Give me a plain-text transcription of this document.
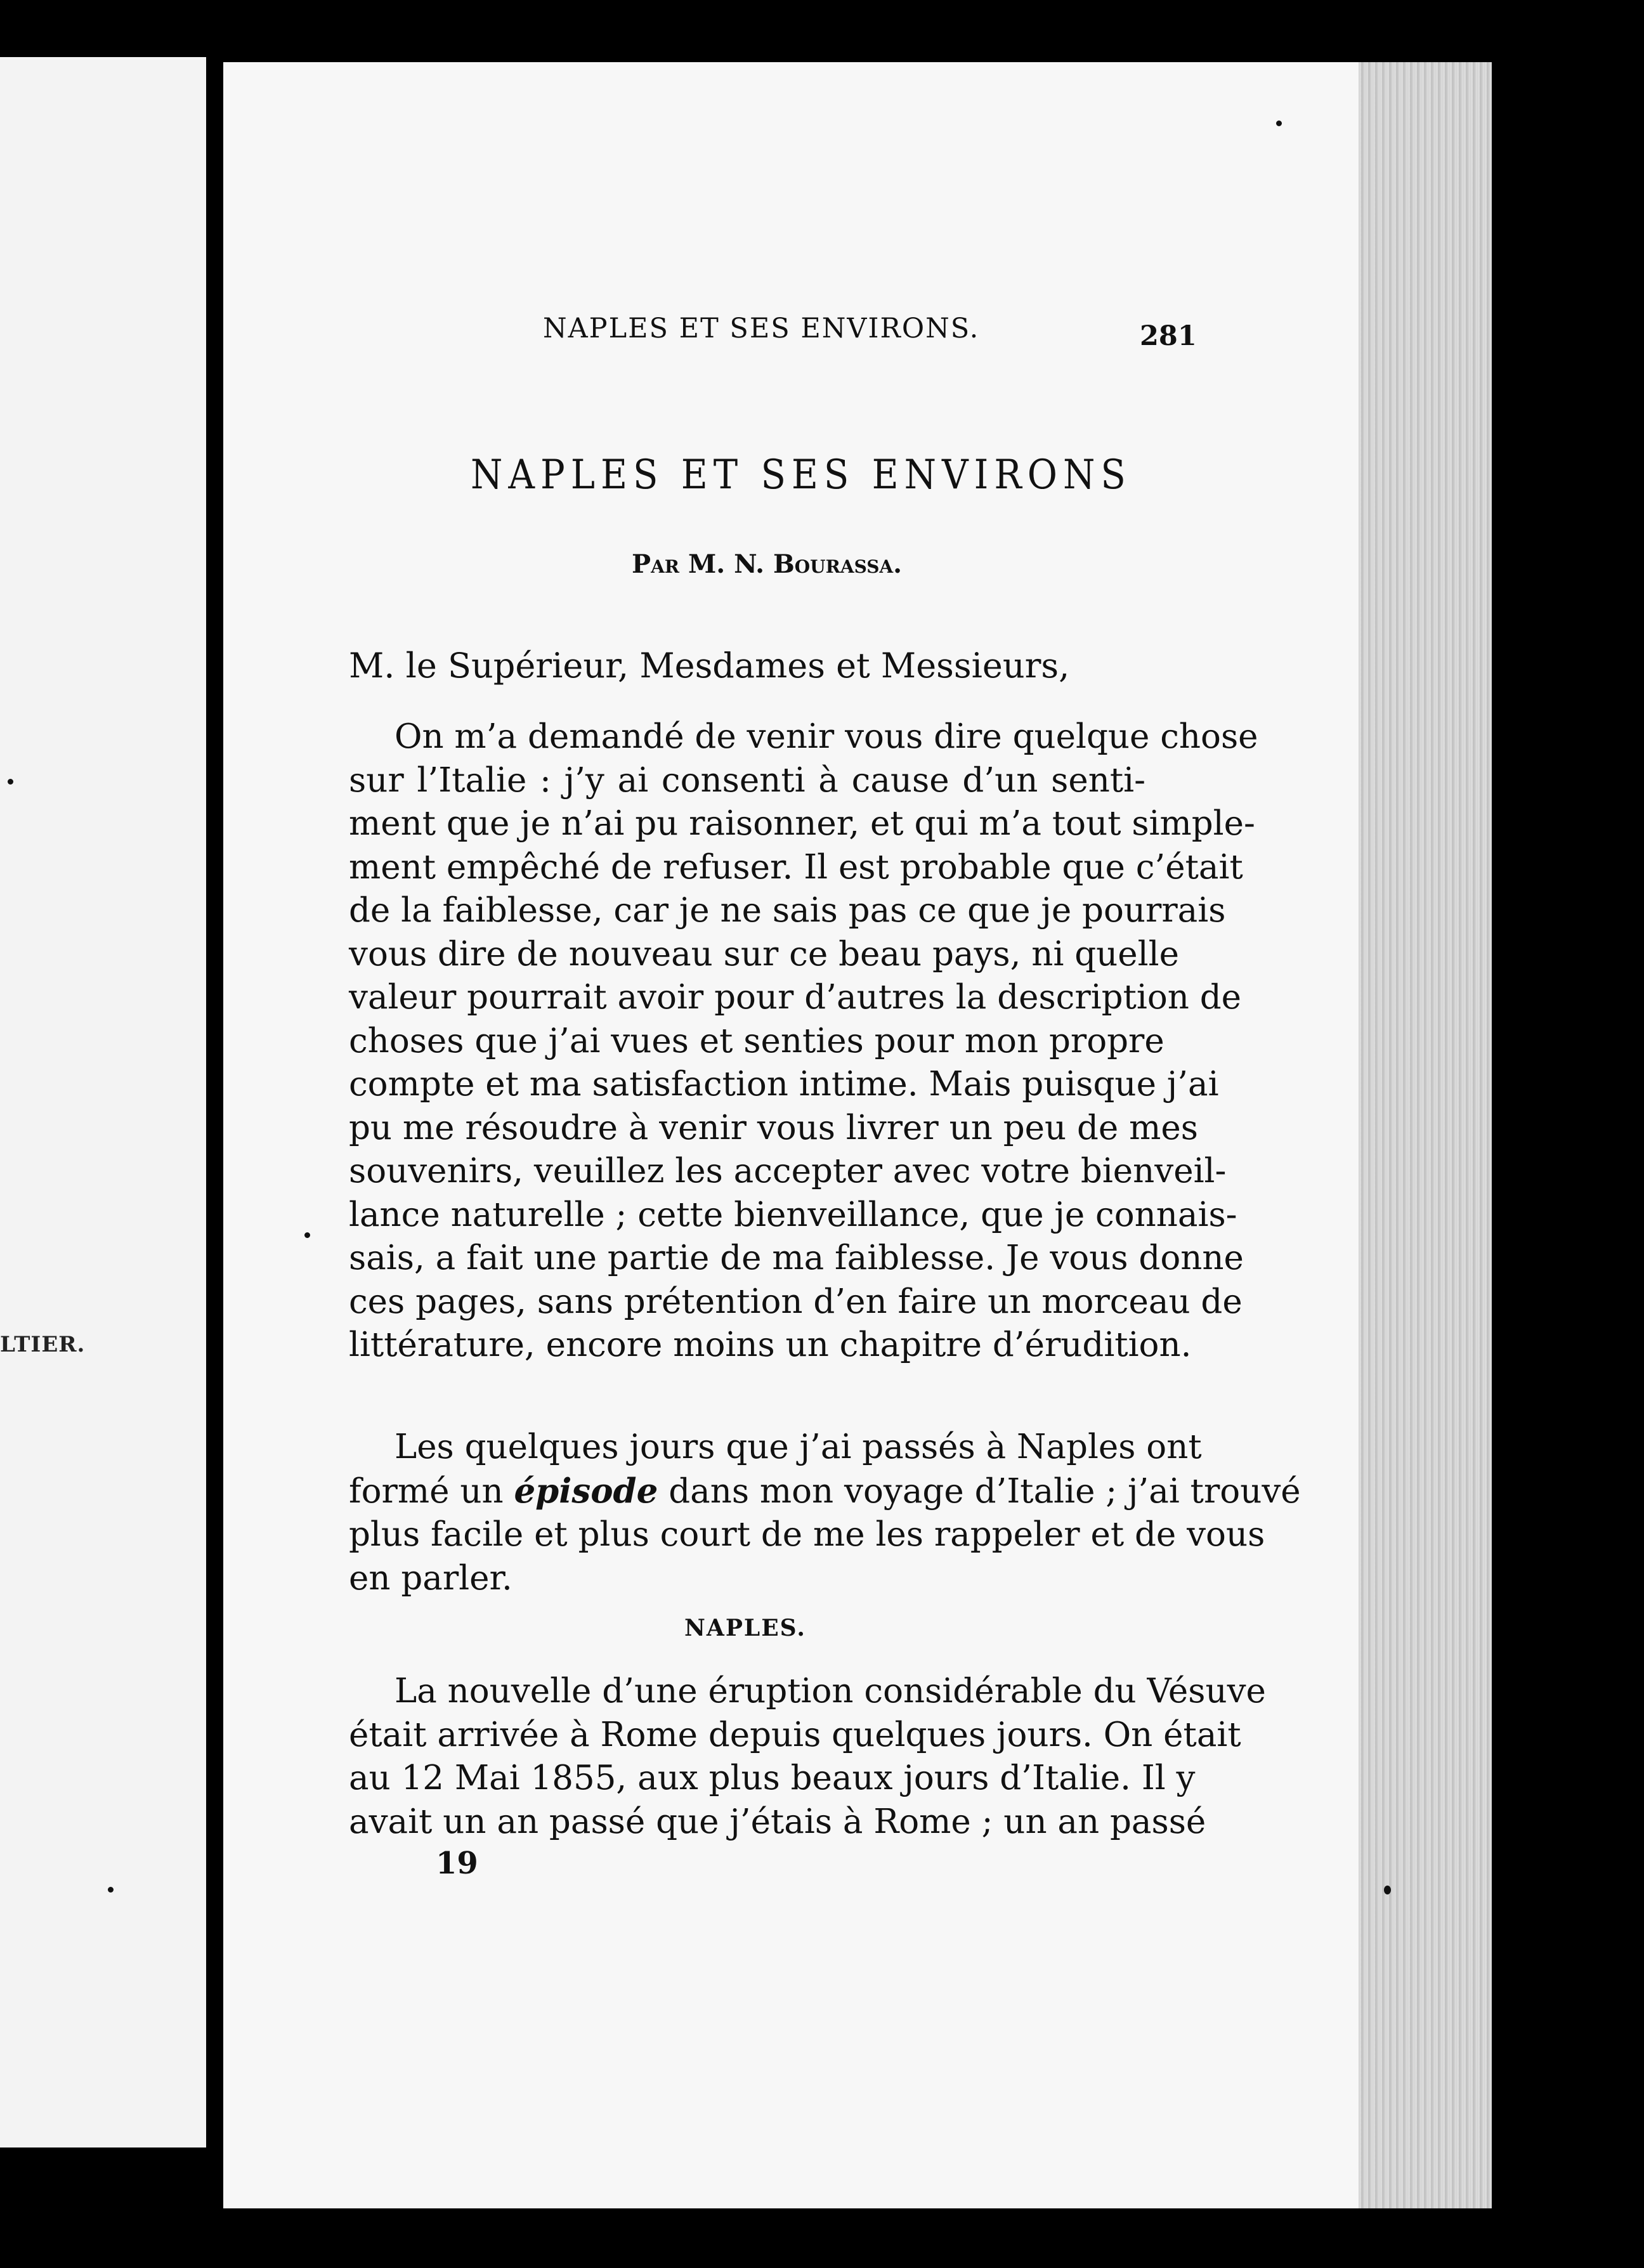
LTIER.
NAPLES ET SES ENVIRONS.	281
NAPLES ET SES ENVIRONS
Par M. N. Bourassa.
M. le Supérieur, Mesdames et Messieurs,
On m’a demandé de venir vous dire quelque chose
sur l’Italie : j’y ai consenti à cause d’un senti-
ment que je n’ai pu raisonner, et qui m’a tout simple-
ment empêché de refuser. Il est probable que c’était
de la faiblesse, car je ne sais pas ce que je pourrais
vous dire de nouveau sur ce beau pays, ni quelle
valeur pourrait avoir pour d’autres la description de
choses que j’ai vues et senties pour mon propre
compte et ma satisfaction intime. Mais puisque j’ai
pu me résoudre à venir vous livrer un peu de mes
souvenirs, veuillez les accepter avec votre bienveil-
lance naturelle ; cette bienveillance, que je connais-
sais, a fait une partie de ma faiblesse. Je vous donne
ces pages, sans prétention d’en faire un morceau de
littérature, encore moins un chapitre d’érudition.
Les quelques jours que j’ai passés à Naples ont
formé un épisode dans mon voyage d’Italie ; j’ai trouvé
plus facile et plus court de me les rappeler et de vous
en parler.
NAPLES.
La nouvelle d’une éruption considérable du Vésuve
était arrivée à Rome depuis quelques jours. On était
au 12 Mai 1855, aux plus beaux jours d’Italie. Il y
avait un an passé que j’étais à Rome ; un an passé
19
